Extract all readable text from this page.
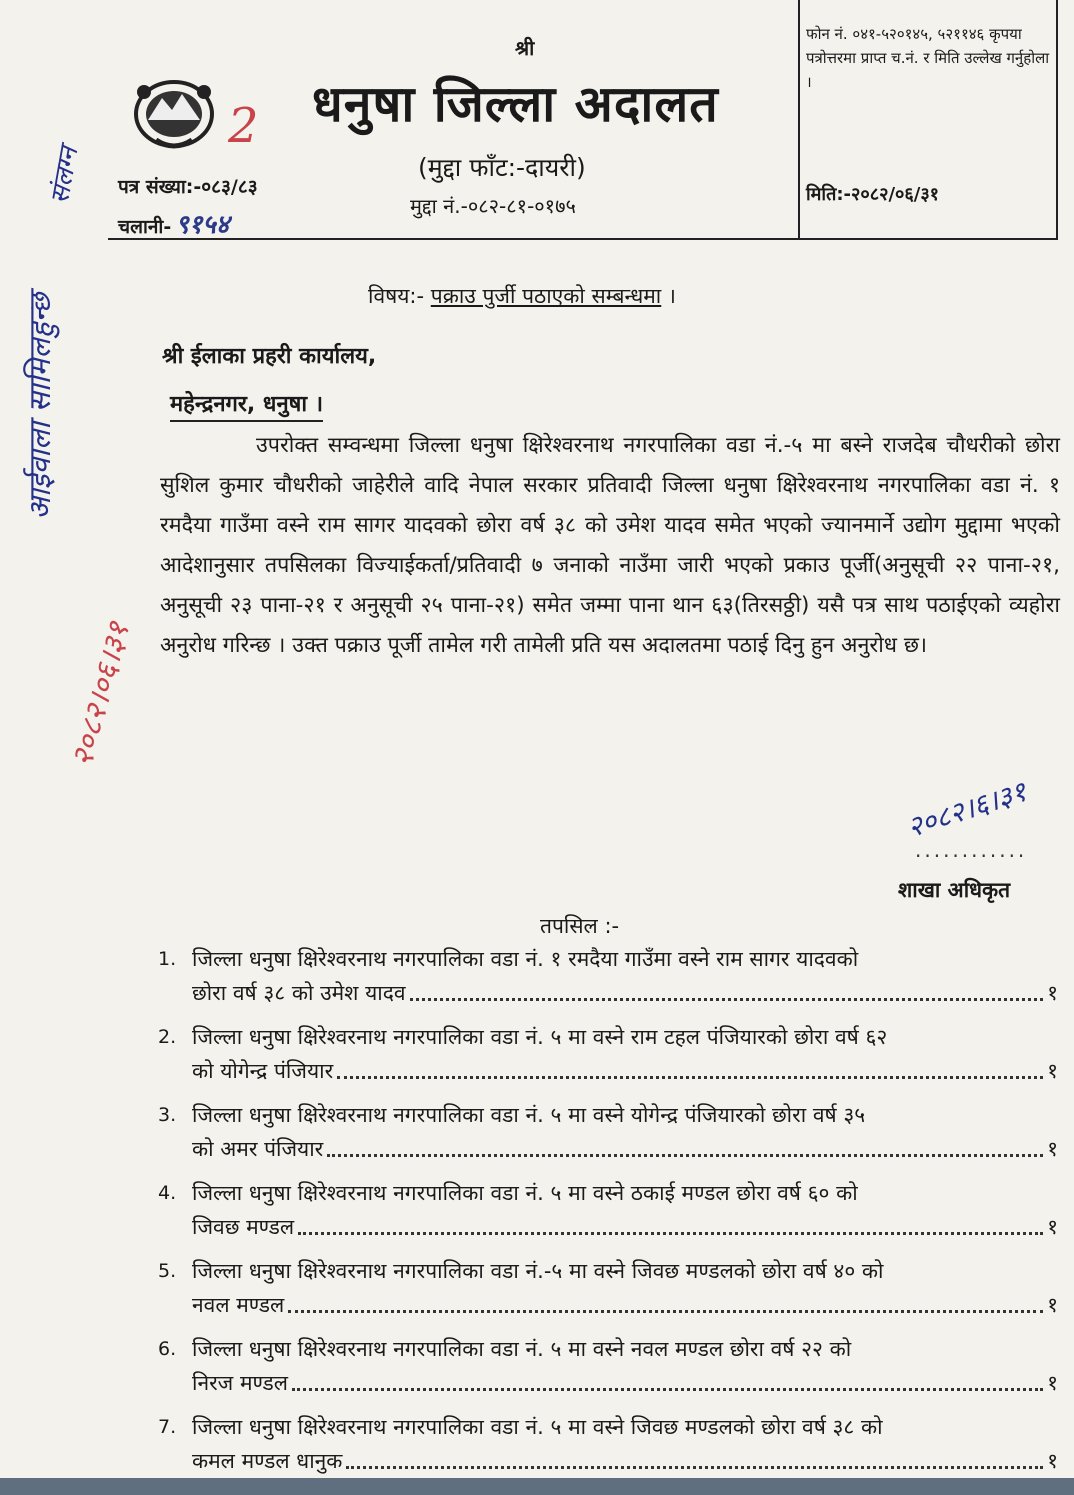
श्री
धनुषा जिल्ला अदालत
(मुद्दा फाँट:-दायरी)
मुद्दा नं.-०८२-८१-०१७५
पत्र संख्या:-०८३/८३
चलानी- ९१५४
फोन नं. ०४१-५२०१४५, ५२११४६ कृपया पत्रोत्तरमा प्राप्त च.नं. र मिति उल्लेख गर्नुहोला ।
मिति:-२०८२/०६/३१
विषय:- पक्राउ पुर्जी पठाएको सम्बन्धमा ।
श्री ईलाका प्रहरी कार्यालय,
महेन्द्रनगर, धनुषा ।

उपरोक्त सम्वन्धमा जिल्ला धनुषा क्षिरेश्वरनाथ नगरपालिका वडा नं.-५ मा बस्ने राजदेब चौधरीको छोरा सुशिल कुमार चौधरीको जाहेरीले वादि नेपाल सरकार प्रतिवादी जिल्ला धनुषा क्षिरेश्वरनाथ नगरपालिका वडा नं. १ रमदैया गाउँमा वस्ने राम सागर यादवको छोरा वर्ष ३८ को उमेश यादव समेत भएको ज्यानमार्ने उद्योग मुद्दामा भएको आदेशानुसार तपसिलका विज्याईकर्ता/प्रतिवादी ७ जनाको नाउँमा जारी भएको प्रकाउ पूर्जी(अनुसूची २२ पाना-२१, अनुसूची २३ पाना-२१ र अनुसूची २५ पाना-२१) समेत जम्मा पाना थान ६३(तिरसठ्ठी) यसै पत्र साथ पठाईएको व्यहोरा अनुरोध गरिन्छ । उक्त पक्राउ पूर्जी तामेल गरी तामेली प्रति यस अदालतमा पठाई दिनु हुन अनुरोध छ।

............
शाखा अधिकृत
तपसिल :-
1. जिल्ला धनुषा क्षिरेश्वरनाथ नगरपालिका वडा नं. १ रमदैया गाउँमा वस्ने राम सागर यादवको
छोरा वर्ष ३८ को उमेश यादव	१
2. जिल्ला धनुषा क्षिरेश्वरनाथ नगरपालिका वडा नं. ५ मा वस्ने राम टहल पंजियारको छोरा वर्ष ६२
को योगेन्द्र पंजियार	१
3. जिल्ला धनुषा क्षिरेश्वरनाथ नगरपालिका वडा नं. ५ मा वस्ने योगेन्द्र पंजियारको छोरा वर्ष ३५
को अमर पंजियार	१
4. जिल्ला धनुषा क्षिरेश्वरनाथ नगरपालिका वडा नं. ५ मा वस्ने ठकाई मण्डल छोरा वर्ष ६० को
जिवछ मण्डल	१
5. जिल्ला धनुषा क्षिरेश्वरनाथ नगरपालिका वडा नं.-५ मा वस्ने जिवछ मण्डलको छोरा वर्ष ४० को
नवल मण्डल	१
6. जिल्ला धनुषा क्षिरेश्वरनाथ नगरपालिका वडा नं. ५ मा वस्ने नवल मण्डल छोरा वर्ष २२ को
निरज मण्डल	१
7. जिल्ला धनुषा क्षिरेश्वरनाथ नगरपालिका वडा नं. ५ मा वस्ने जिवछ मण्डलको छोरा वर्ष ३८ को
कमल मण्डल धानुक	१
आईवाला सामिलहुन्छ
संलग्न
२०८२।६।३१
२०८२।०६।३१
2
